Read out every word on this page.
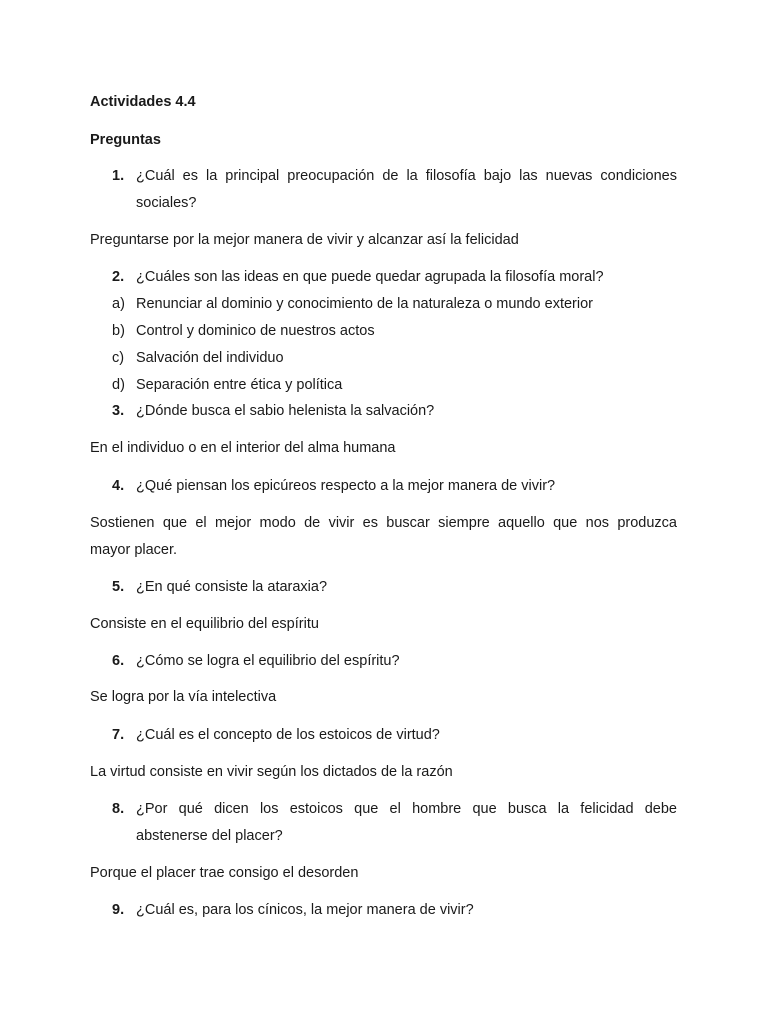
Actividades 4.4
Preguntas
1. ¿Cuál es la principal preocupación de la filosofía bajo las nuevas condiciones
sociales?
Preguntarse por la mejor manera de vivir y alcanzar así la felicidad
2. ¿Cuáles son las ideas en que puede quedar agrupada la filosofía moral?
a) Renunciar al dominio y conocimiento de la naturaleza o mundo exterior
b) Control y dominico de nuestros actos
c) Salvación del individuo
d) Separación entre ética y política
3. ¿Dónde busca el sabio helenista la salvación?
En el individuo o en el interior del alma humana
4. ¿Qué piensan los epicúreos respecto a la mejor manera de vivir?
Sostienen que el mejor modo de vivir es buscar siempre aquello que nos produzca
mayor placer.
5. ¿En qué consiste la ataraxia?
Consiste en el equilibrio del espíritu
6. ¿Cómo se logra el equilibrio del espíritu?
Se logra por la vía intelectiva
7. ¿Cuál es el concepto de los estoicos de virtud?
La virtud consiste en vivir según los dictados de la razón
8. ¿Por qué dicen los estoicos que el hombre que busca la felicidad debe
abstenerse del placer?
Porque el placer trae consigo el desorden
9. ¿Cuál es, para los cínicos, la mejor manera de vivir?
